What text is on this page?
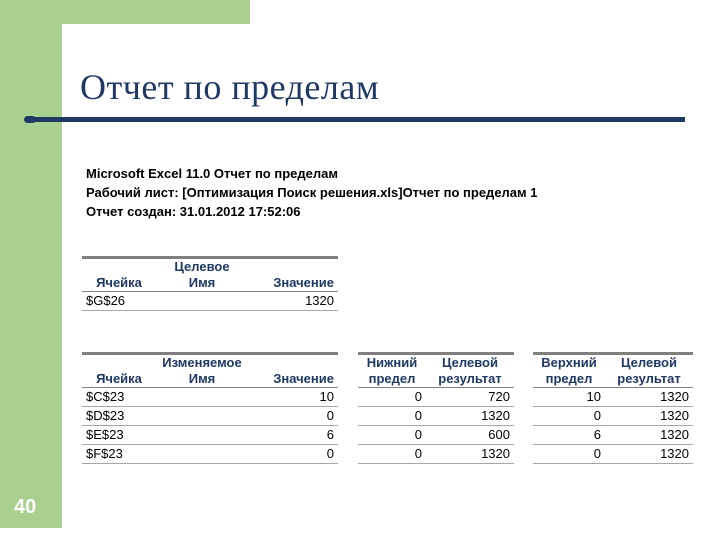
Отчет по пределам
40
Microsoft Excel 11.0 Отчет по пределам
Рабочий лист: [Оптимизация Поиск решения.xls]Отчет по пределам 1
Отчет создан: 31.01.2012 17:52:06
	Целевое	
Ячейка	Имя	Значение
$G$26		1320
	Изменяемое	
Ячейка	Имя	Значение
$C$23		10
$D$23		0
$E$23		6
$F$23		0
Нижний	Целевой
предел	результат
0	720
0	1320
0	600
0	1320
Верхний	Целевой
предел	результат
10	1320
0	1320
6	1320
0	1320
